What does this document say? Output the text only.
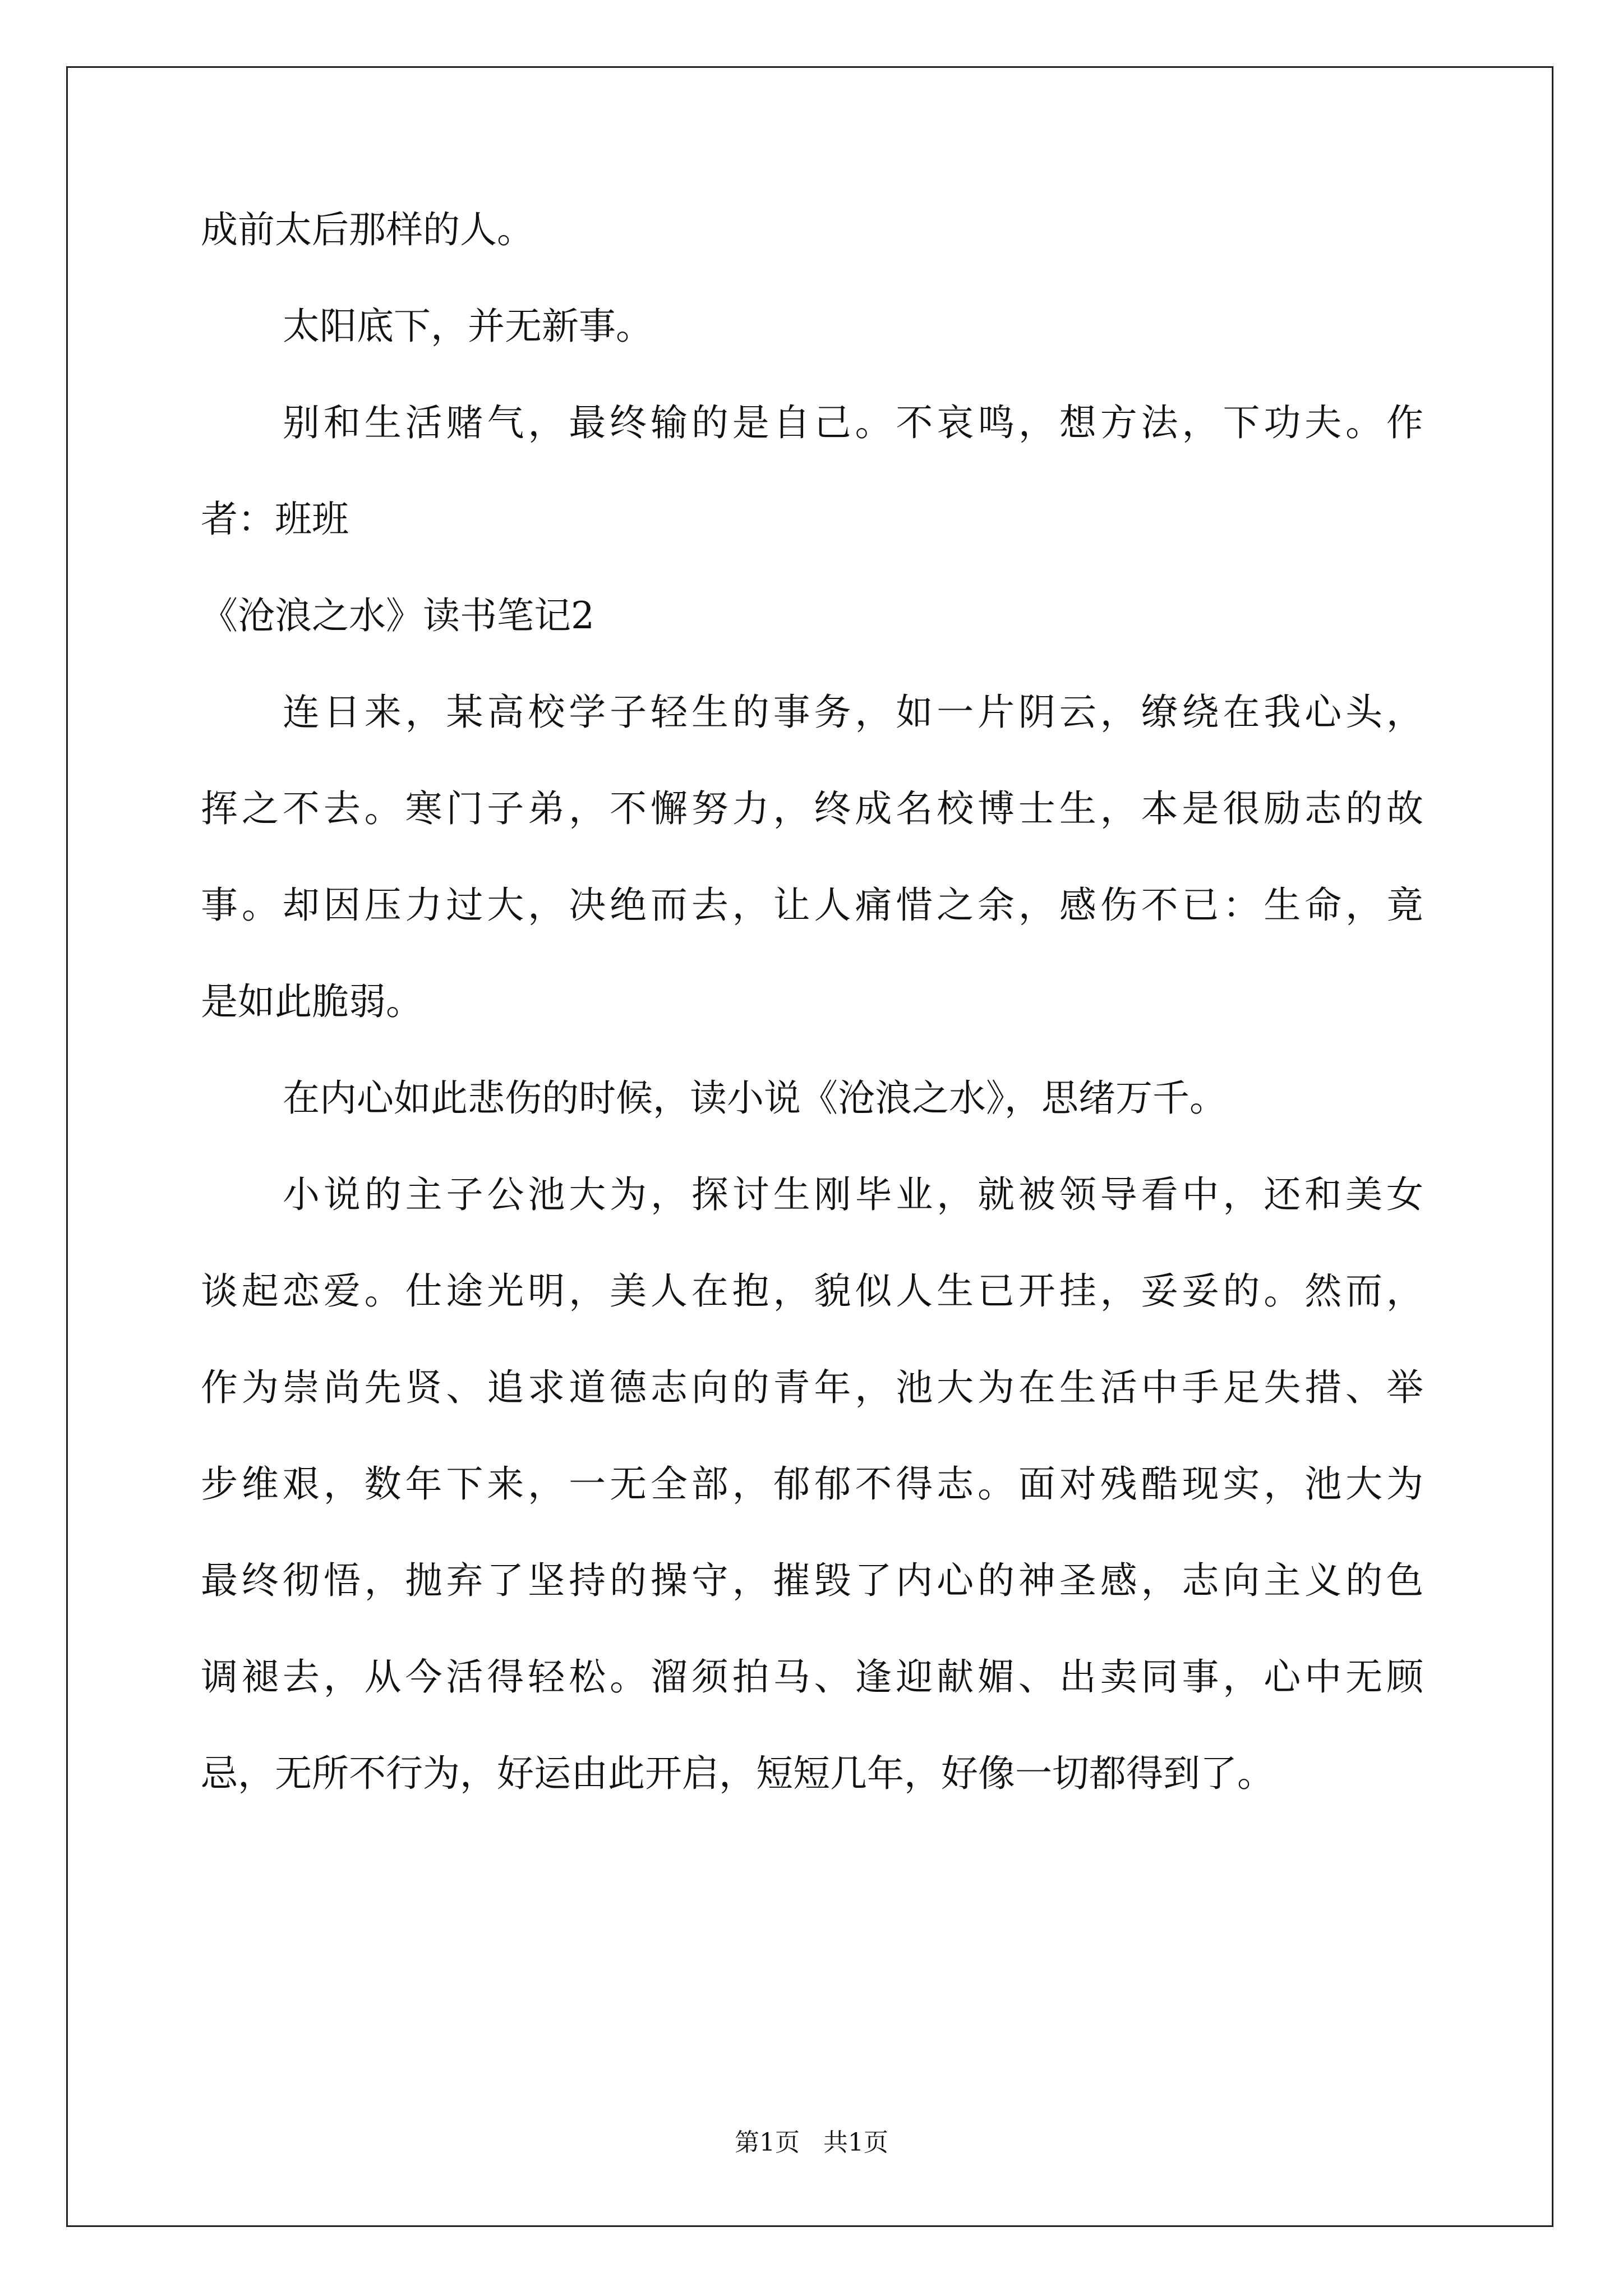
成前太后那样的人。
太阳底下，并无新事。
别和生活赌气，最终输的是自己。不哀鸣，想方法，下功夫。作
者：班班
《沧浪之水》读书笔记2
连日来，某高校学子轻生的事务，如一片阴云，缭绕在我心头，
挥之不去。寒门子弟，不懈努力，终成名校博士生，本是很励志的故
事。却因压力过大，决绝而去，让人痛惜之余，感伤不已：生命，竟
是如此脆弱。
在内心如此悲伤的时候，读小说《沧浪之水》，思绪万千。
小说的主子公池大为，探讨生刚毕业，就被领导看中，还和美女
谈起恋爱。仕途光明，美人在抱，貌似人生已开挂，妥妥的。然而，
作为崇尚先贤、追求道德志向的青年，池大为在生活中手足失措、举
步维艰，数年下来，一无全部，郁郁不得志。面对残酷现实，池大为
最终彻悟，抛弃了坚持的操守，摧毁了内心的神圣感，志向主义的色
调褪去，从今活得轻松。溜须拍马、逢迎献媚、出卖同事，心中无顾
忌，无所不行为，好运由此开启，短短几年，好像一切都得到了。
第1页   共1页
